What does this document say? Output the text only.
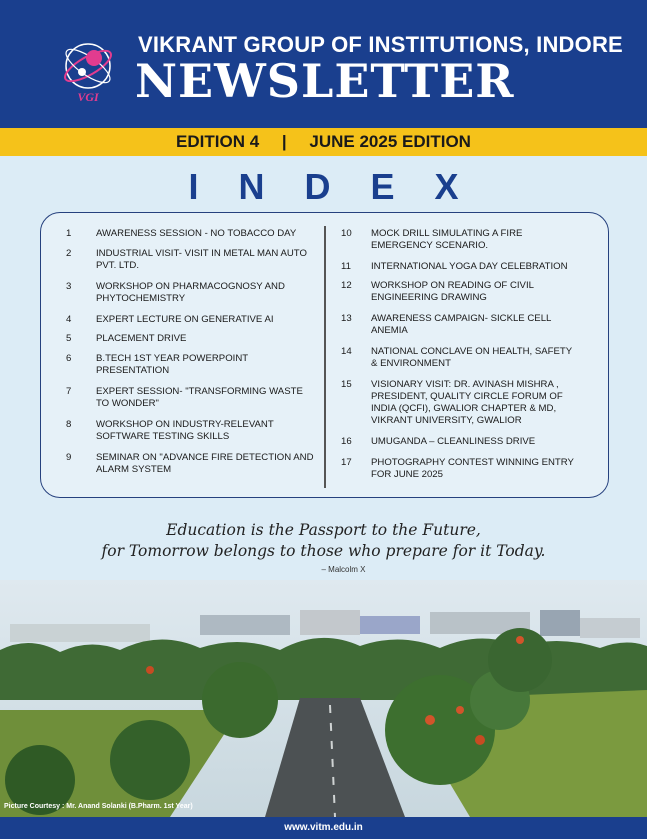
VGI
VIKRANT GROUP OF INSTITUTIONS, INDORE
NEWSLETTER
EDITION 4 | JUNE 2025 EDITION
INDEX
1	AWARENESS SESSION - NO TOBACCO DAY
2	INDUSTRIAL VISIT- VISIT IN METAL MAN AUTO PVT. LTD.
3	WORKSHOP ON PHARMACOGNOSY AND PHYTOCHEMISTRY
4	EXPERT LECTURE ON GENERATIVE AI
5	PLACEMENT DRIVE
6	B.TECH 1ST YEAR POWERPOINT PRESENTATION
7	EXPERT SESSION- "TRANSFORMING WASTE TO WONDER"
8	WORKSHOP ON INDUSTRY-RELEVANT SOFTWARE TESTING SKILLS
9	SEMINAR ON "ADVANCE FIRE DETECTION AND ALARM SYSTEM
10	MOCK DRILL SIMULATING A FIRE EMERGENCY SCENARIO.
11	INTERNATIONAL YOGA DAY CELEBRATION
12	WORKSHOP ON READING OF CIVIL ENGINEERING DRAWING
13	AWARENESS CAMPAIGN- SICKLE CELL ANEMIA
14	NATIONAL CONCLAVE ON HEALTH, SAFETY & ENVIRONMENT
15	VISIONARY VISIT: DR. AVINASH MISHRA , PRESIDENT, QUALITY CIRCLE FORUM OF INDIA (QCFI), GWALIOR CHAPTER & MD, VIKRANT UNIVERSITY, GWALIOR
16	UMUGANDA – CLEANLINESS DRIVE
17	PHOTOGRAPHY CONTEST WINNING ENTRY FOR JUNE 2025
Education is the Passport to the Future,
for Tomorrow belongs to those who prepare for it Today.
– Malcolm X
Picture Courtesy : Mr. Anand Solanki (B.Pharm. 1st Year)
www.vitm.edu.in
